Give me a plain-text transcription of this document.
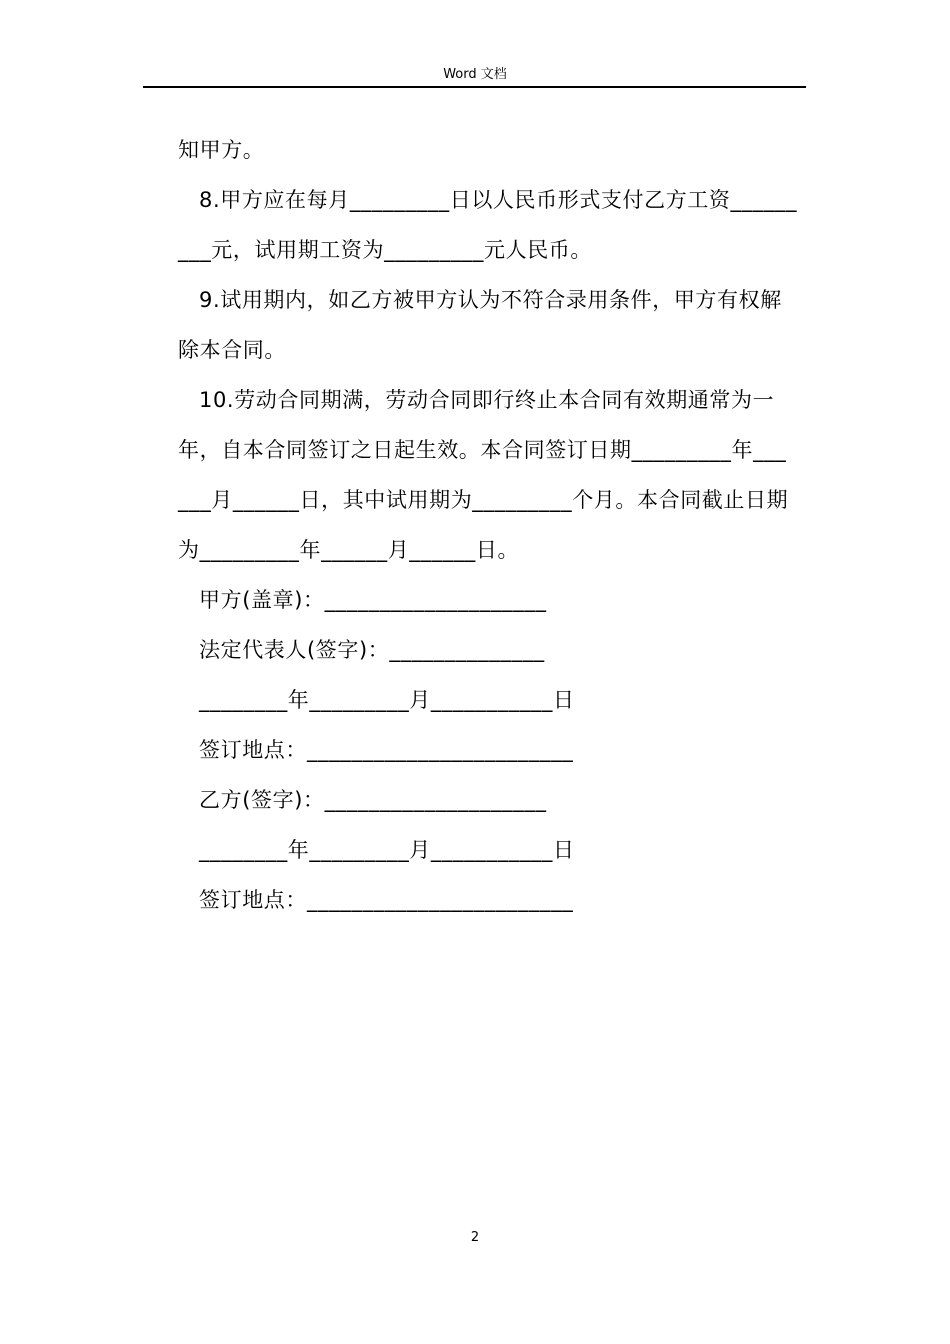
Word 文档
知甲方。
8.甲方应在每月_________日以人民币形式支付乙方工资______
___元，试用期工资为_________元人民币。
9.试用期内，如乙方被甲方认为不符合录用条件，甲方有权解
除本合同。
10.劳动合同期满，劳动合同即行终止本合同有效期通常为一
年，自本合同签订之日起生效。本合同签订日期_________年___
___月______日，其中试用期为_________个月。本合同截止日期
为_________年______月______日。
甲方(盖章)：____________________
法定代表人(签字)：______________
________年_________月___________日
签订地点：________________________
乙方(签字)：____________________
________年_________月___________日
签订地点：________________________
2
